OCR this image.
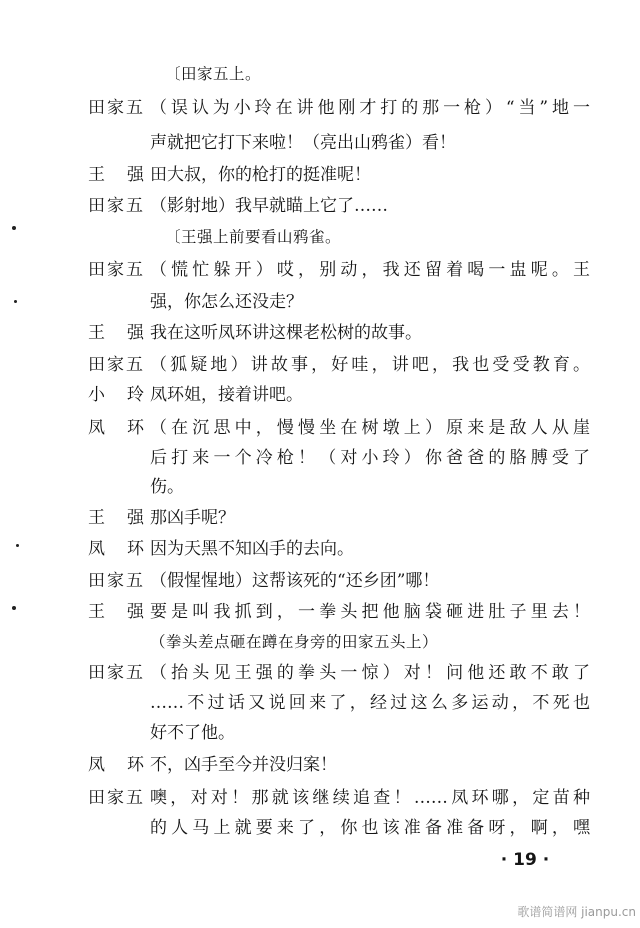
〔田家五上。
田家五 （误认为小玲在讲他刚才打的那一枪）“当”地一
声就把它打下来啦！（亮出山鸦雀）看！
王强
田大叔，你的枪打的挺准呢！
田家五 （影射地）我早就瞄上它了……
〔王强上前要看山鸦雀。
田家五 （慌忙躲开）哎，别动，我还留着喝一盅呢。王
强，你怎么还没走？
王强
我在这听凤环讲这棵老松树的故事。
田家五 （狐疑地）讲故事，好哇，讲吧，我也受受教育。
小玲
凤环姐，接着讲吧。
凤环
（在沉思中，慢慢坐在树墩上）原来是敌人从崖
后打来一个冷枪！（对小玲）你爸爸的胳膊受了
伤。
王强
那凶手呢？
凤环
因为天黑不知凶手的去向。
田家五 （假惺惺地）这帮该死的“还乡团”哪！
王强
要是叫我抓到，一拳头把他脑袋砸进肚子里去！
（拳头差点砸在蹲在身旁的田家五头上）
田家五 （抬头见王强的拳头一惊）对！问他还敢不敢了
……不过话又说回来了，经过这么多运动，不死也
好不了他。
凤环
不，凶手至今并没归案！
田家五 噢，对对！那就该继续追查！……凤环哪，定苗种
的人马上就要来了，你也该准备准备呀，啊，嘿
· 19 ·
歌谱简谱网 jianpu.cn
